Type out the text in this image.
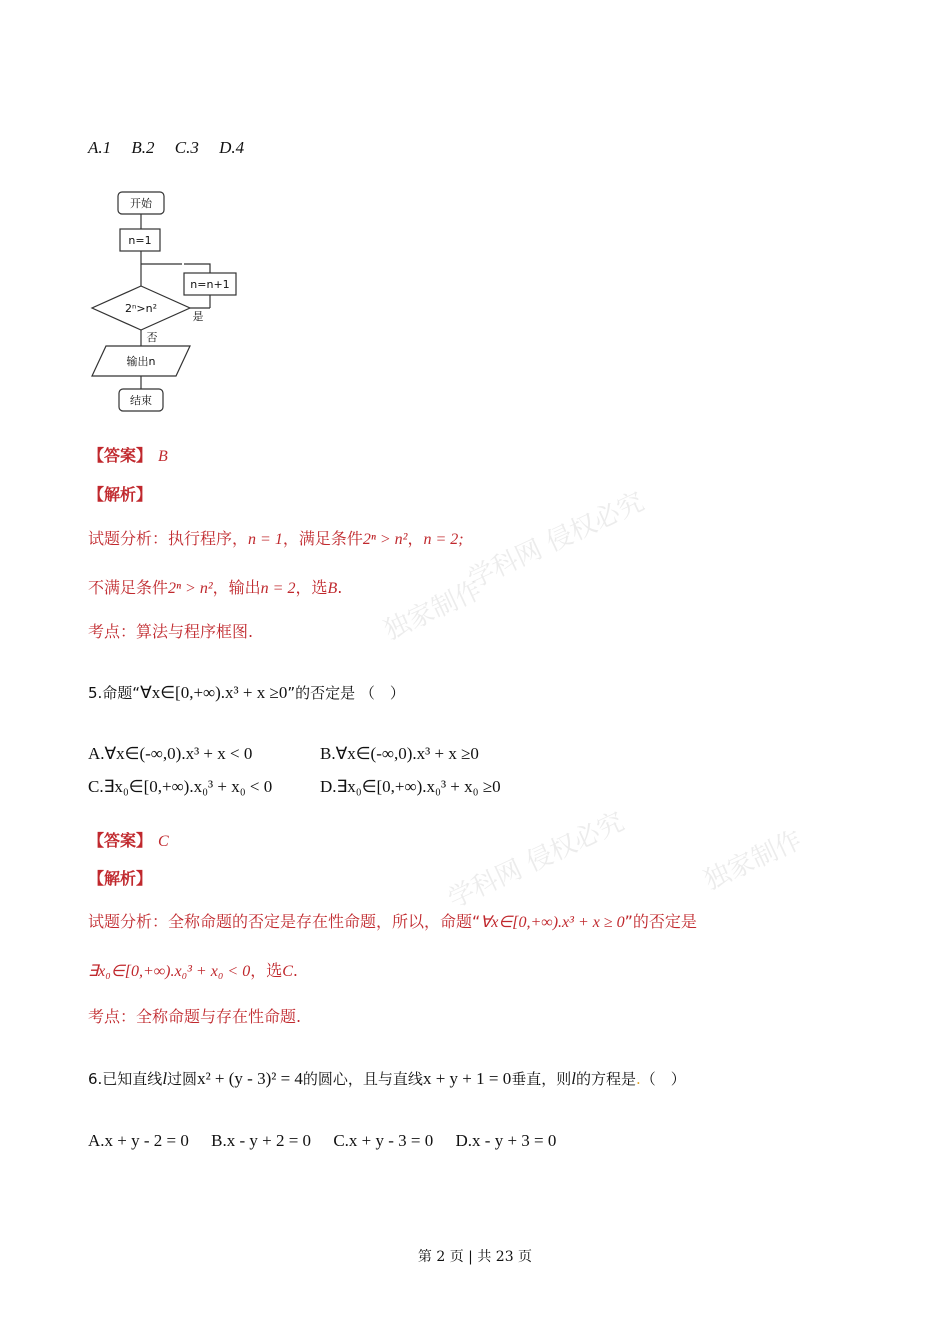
学科网 侵权必究
独家制作
学科网 侵权必究	独家制作
A.1 B.2 C.3 D.4
开始
n=1
n=n+1
2ⁿ>n²
是
否
输出n
结束
【答案】 B
【解析】
试题分析：执行程序，n = 1，满足条件2ⁿ > n²，n = 2;
不满足条件2ⁿ > n²，输出n = 2，选B.
考点：算法与程序框图.
5.命题“∀x∈[0,+∞).x³ + x ≥0”的否定是 （　）
A.∀x∈(-∞,0).x³ + x < 0	B.∀x∈(-∞,0).x³ + x ≥0
C.∃x₀∈[0,+∞).x₀³ + x₀ < 0	D.∃x₀∈[0,+∞).x₀³ + x₀ ≥0
【答案】 C
【解析】
试题分析：全称命题的否定是存在性命题，所以，命题“∀x∈[0,+∞).x³ + x ≥ 0”的否定是
∃x₀∈[0,+∞).x₀³ + x₀ < 0，选C.
考点：全称命题与存在性命题.
6.已知直线l过圆x² + (y - 3)² = 4的圆心，且与直线x + y + 1 = 0垂直，则l的方程是.（　）
A.x + y - 2 = 0 B.x - y + 2 = 0 C.x + y - 3 = 0 D.x - y + 3 = 0
第 2 页 | 共 23 页
